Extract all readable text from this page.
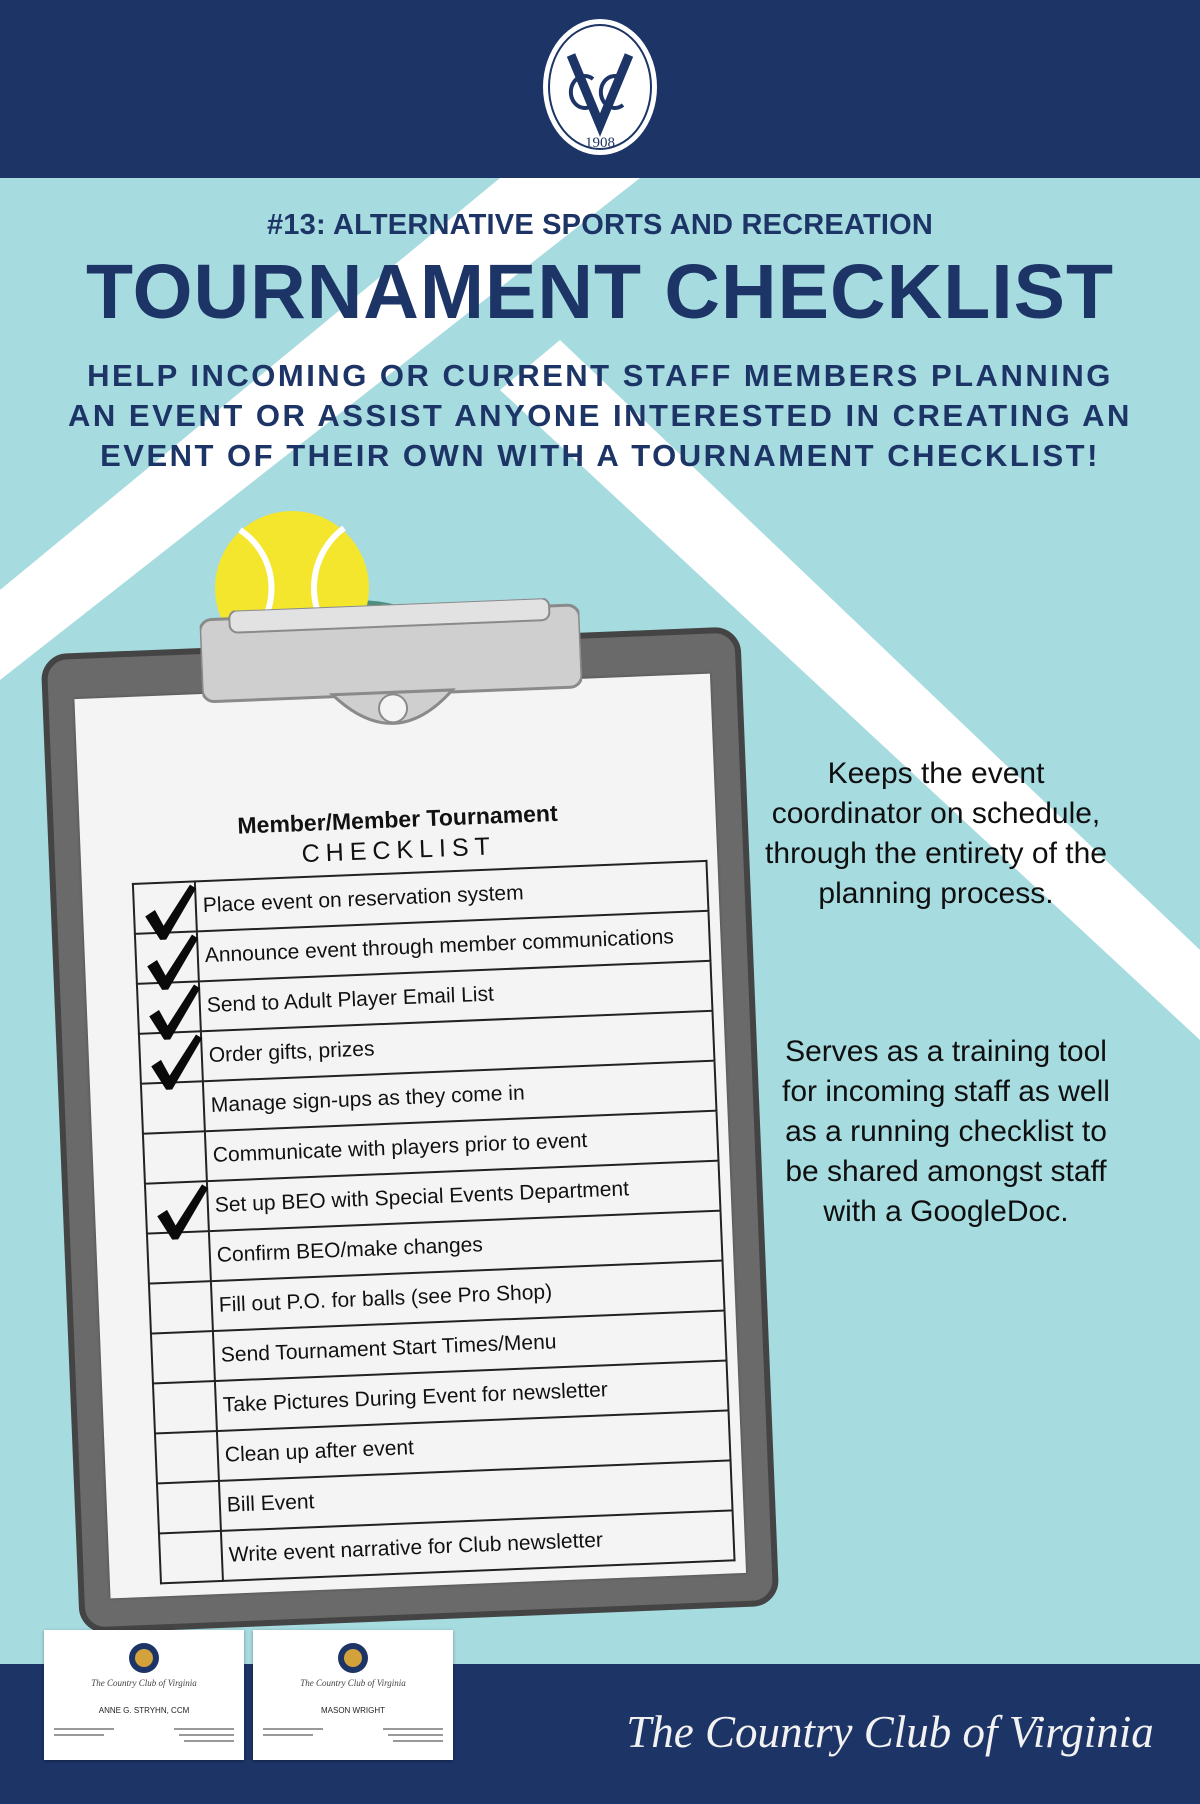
1908
#13: ALTERNATIVE SPORTS AND RECREATION
TOURNAMENT CHECKLIST
HELP INCOMING OR CURRENT STAFF MEMBERS PLANNING AN EVENT OR ASSIST ANYONE INTERESTED IN CREATING AN EVENT OF THEIR OWN WITH A TOURNAMENT CHECKLIST!
Member/Member Tournament
CHECKLIST
	Place event on reservation system

	Announce event through member communications

	Send to Adult Player Email List

	Order gifts, prizes
	Manage sign-ups as they come in
	Communicate with players prior to event

	Set up BEO with Special Events Department
	Confirm BEO/make changes
	Fill out P.O. for balls (see Pro Shop)
	Send Tournament Start Times/Menu
	Take Pictures During Event for newsletter
	Clean up after event
	Bill Event
	Write event narrative for Club newsletter
Keeps the event coordinator on schedule, through the entirety of the planning process.
Serves as a training tool for incoming staff as well as a running checklist to be shared amongst staff with a GoogleDoc.
The Country Club of Virginia
ANNE G. STRYHN, CCM
The Country Club of Virginia
MASON WRIGHT	The Country Club of Virginia
